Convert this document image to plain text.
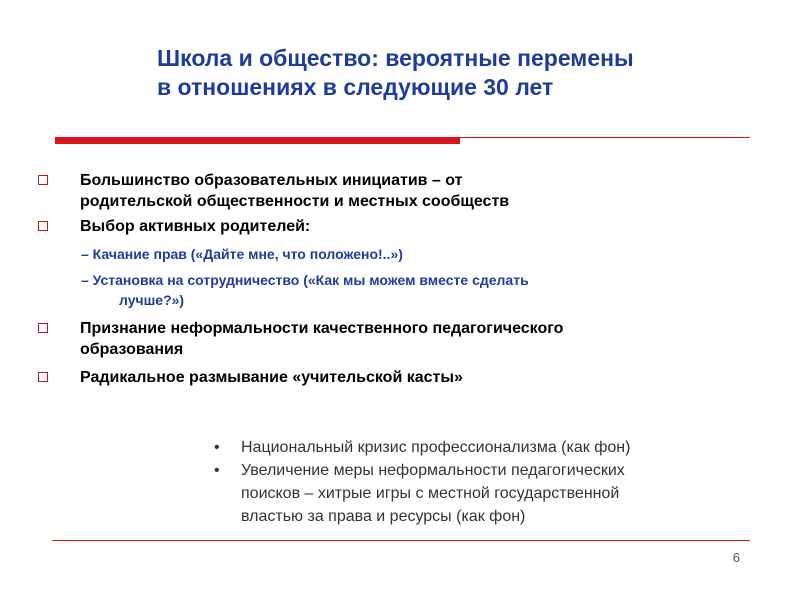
Школа и общество: вероятные перемены
в отношениях в следующие 30 лет
Большинство образовательных инициатив – от
родительской общественности и местных сообществ
Выбор активных родителей:
– Качание прав («Дайте мне, что положено!..»)
– Установка на сотрудничество («Как мы можем вместе сделать
лучше?»)
Признание неформальности качественного педагогического
образования
Радикальное размывание «учительской касты»
• Национальный кризис профессионализма (как фон)
• Увеличение меры неформальности педагогических
поисков – хитрые игры с местной государственной
властью за права и ресурсы (как фон)
6
